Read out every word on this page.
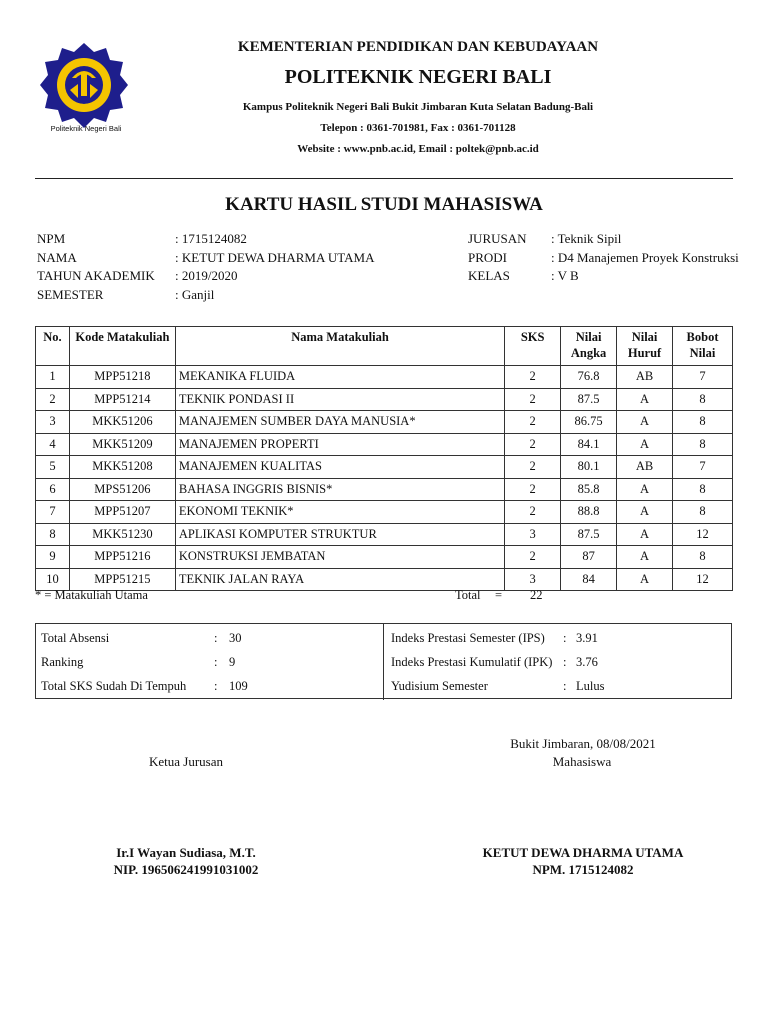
Politeknik Negeri Bali
KEMENTERIAN PENDIDIKAN DAN KEBUDAYAAN
POLITEKNIK NEGERI BALI
Kampus Politeknik Negeri Bali Bukit Jimbaran Kuta Selatan Badung-Bali
Telepon : 0361-701981, Fax : 0361-701128
Website : www.pnb.ac.id, Email : poltek@pnb.ac.id
KARTU HASIL STUDI MAHASISWA
NPM	: 1715124082
NAMA	: KETUT DEWA DHARMA UTAMA
TAHUN AKADEMIK : 2019/2020
SEMESTER	: Ganjil
JURUSAN : Teknik Sipil
PRODI	: D4 Manajemen Proyek Konstruksi
KELAS	: V B
No.	Kode Matakuliah	Nama Matakuliah	SKS	Nilai Angka	Nilai Huruf	Bobot Nilai
1	MPP51218	MEKANIKA FLUIDA	2	76.8	AB	7
2	MPP51214	TEKNIK PONDASI II	2	87.5	A	8
3	MKK51206	MANAJEMEN SUMBER DAYA MANUSIA*	2	86.75	A	8
4	MKK51209	MANAJEMEN PROPERTI	2	84.1	A	8
5	MKK51208	MANAJEMEN KUALITAS	2	80.1	AB	7
6	MPS51206	BAHASA INGGRIS BISNIS*	2	85.8	A	8
7	MPP51207	EKONOMI TEKNIK*	2	88.8	A	8
8	MKK51230	APLIKASI KOMPUTER STRUKTUR	3	87.5	A	12
9	MPP51216	KONSTRUKSI JEMBATAN	2	87	A	8
10	MPP51215	TEKNIK JALAN RAYA	3	84	A	12
* = Matakuliah Utama	Total = 22
Total Absensi	: 30
Ranking	: 9
Total SKS Sudah Di Tempuh : 109
Indeks Prestasi Semester (IPS) : 3.91
Indeks Prestasi Kumulatif (IPK) : 3.76
Yudisium Semester	: Lulus
Bukit Jimbaran, 08/08/2021
Ketua Jurusan	Mahasiswa
Ir.I Wayan Sudiasa, M.T.
NIP. 196506241991031002
KETUT DEWA DHARMA UTAMA
NPM. 1715124082
